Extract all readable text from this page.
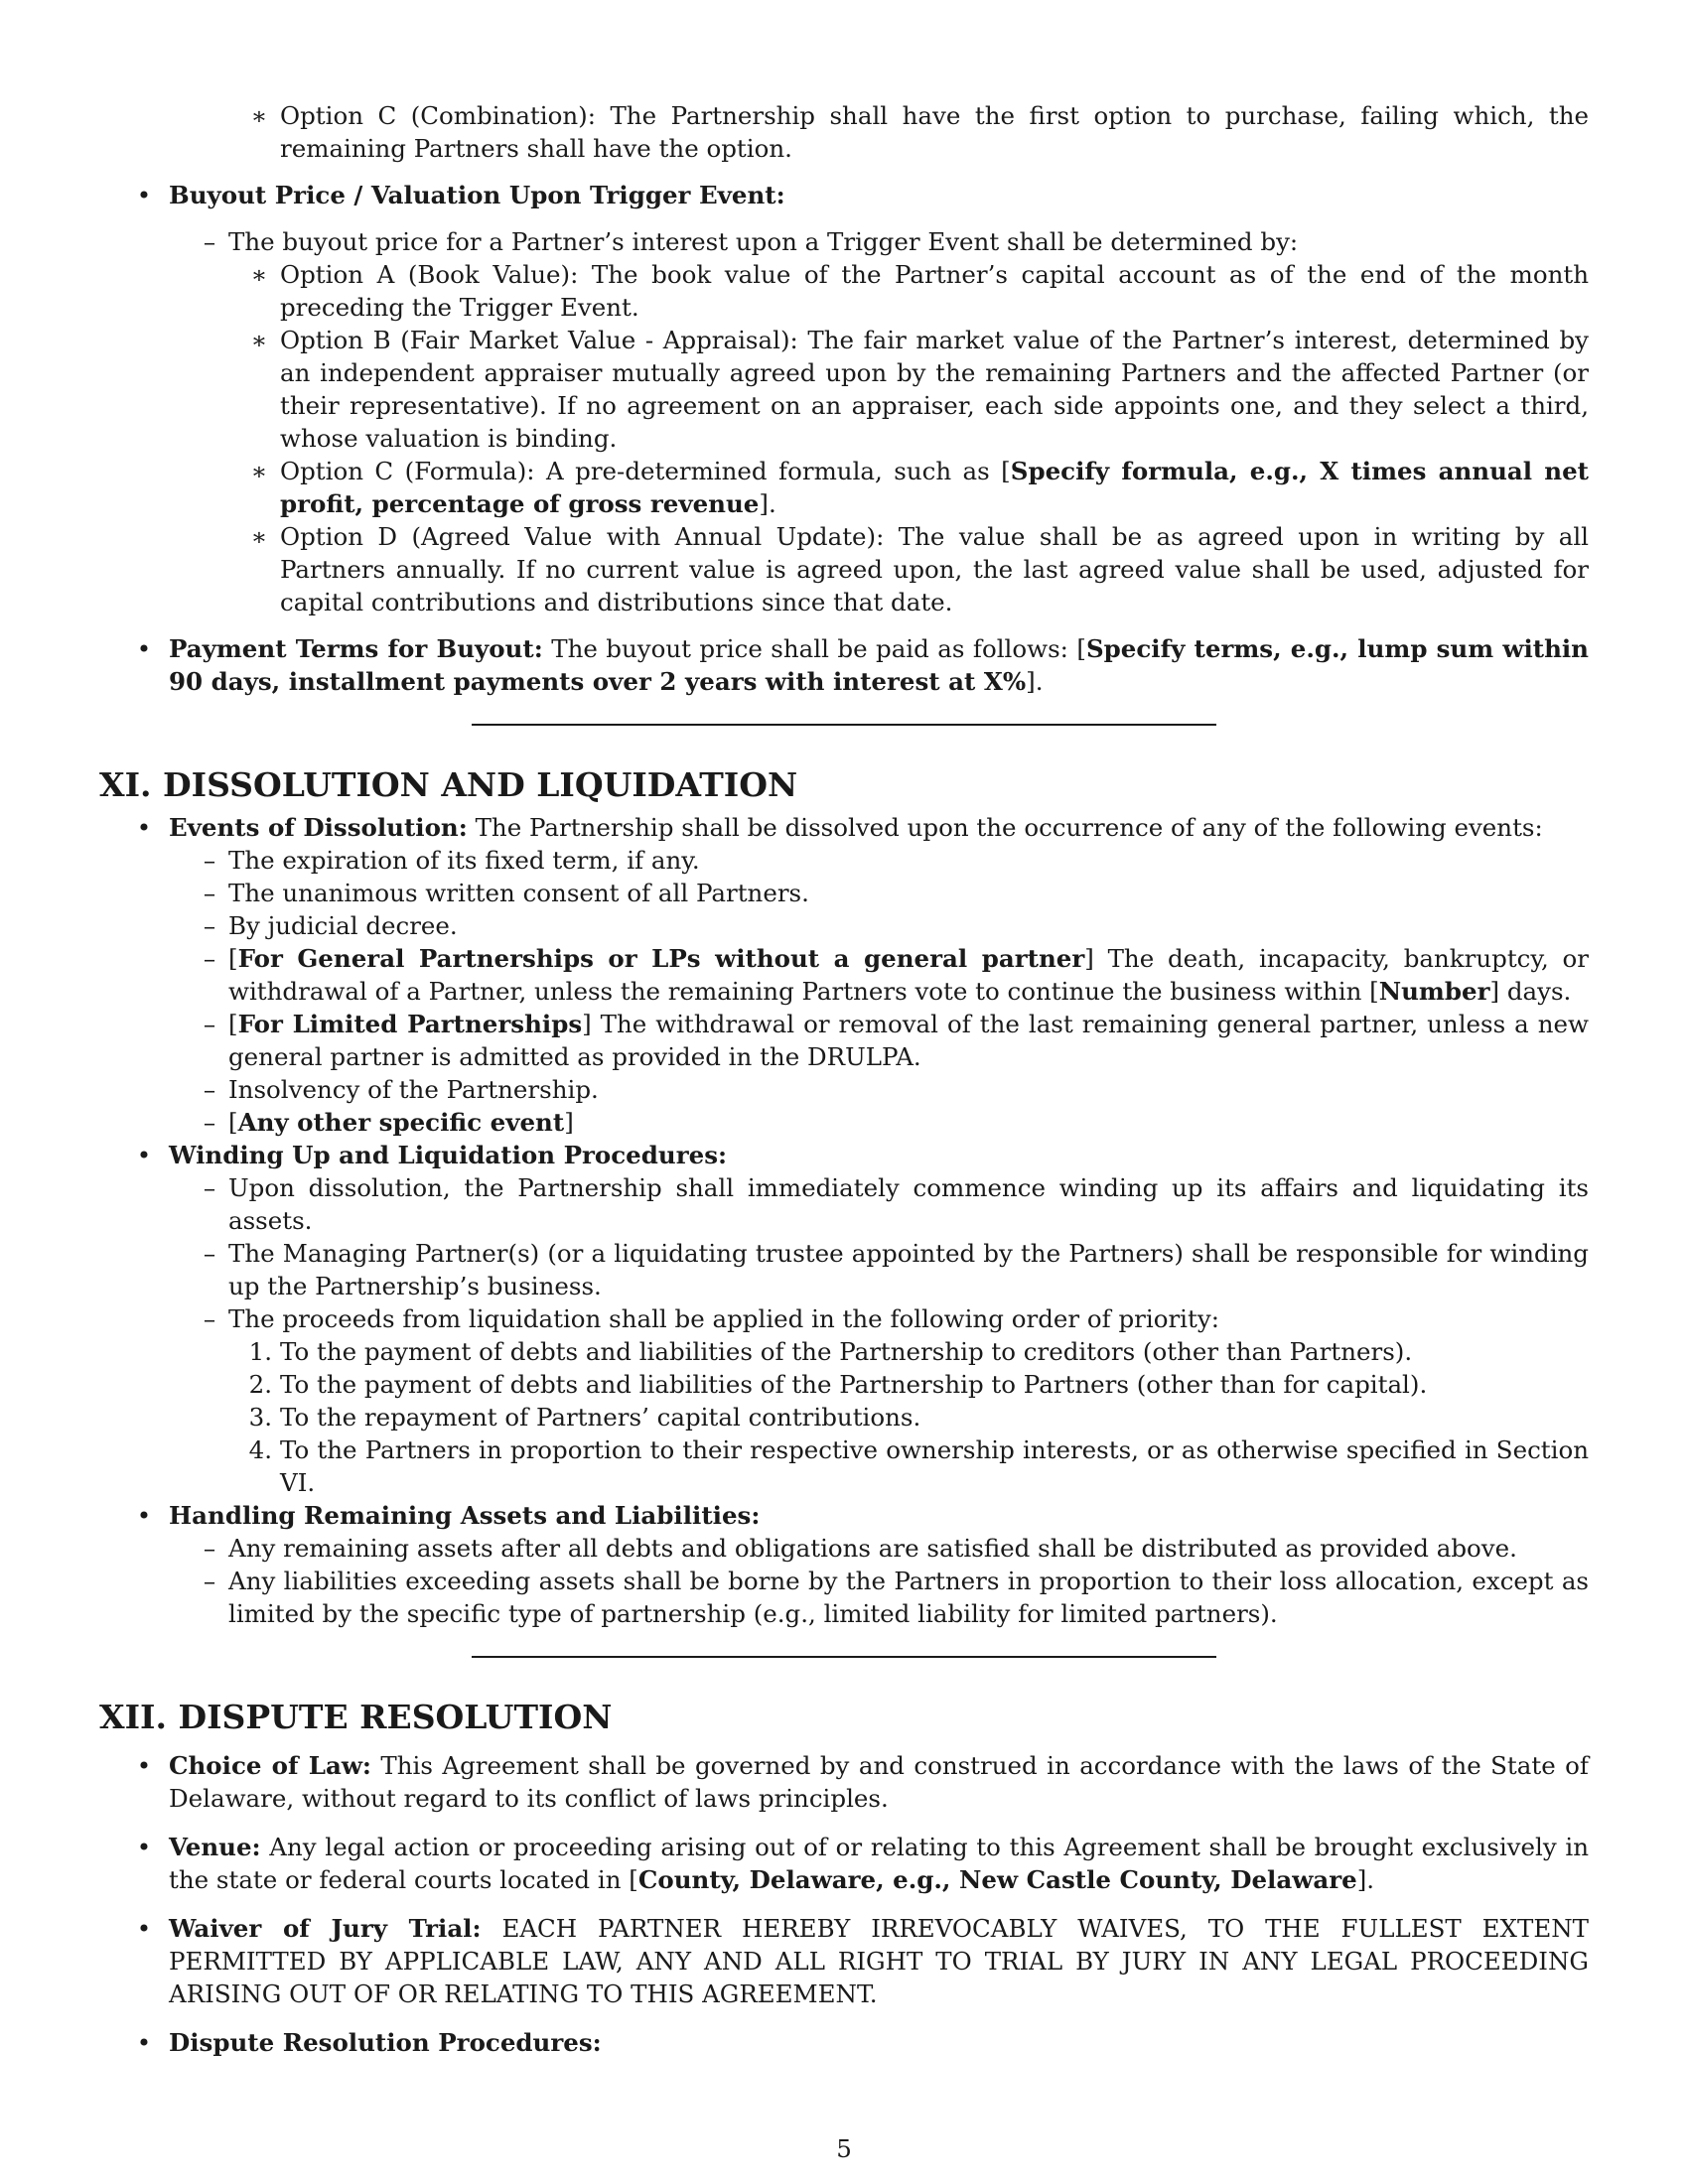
∗ Option C (Combination): The Partnership shall have the first option to purchase, failing which, the remaining Partners shall have the option.
• Buyout Price / Valuation Upon Trigger Event:
– The buyout price for a Partner’s interest upon a Trigger Event shall be determined by:
∗ Option A (Book Value): The book value of the Partner’s capital account as of the end of the month preceding the Trigger Event.
∗ Option B (Fair Market Value - Appraisal): The fair market value of the Partner’s interest, determined by an independent appraiser mutually agreed upon by the remaining Partners and the affected Partner (or their representative). If no agreement on an appraiser, each side appoints one, and they select a third, whose valuation is binding.
∗ Option C (Formula): A pre-determined formula, such as [Specify formula, e.g., X times annual net profit, percentage of gross revenue].
∗ Option D (Agreed Value with Annual Update): The value shall be as agreed upon in writing by all Partners annually. If no current value is agreed upon, the last agreed value shall be used, adjusted for capital contributions and distributions since that date.
• Payment Terms for Buyout: The buyout price shall be paid as follows: [Specify terms, e.g., lump sum within 90 days, installment payments over 2 years with interest at X%].
XI. DISSOLUTION AND LIQUIDATION
• Events of Dissolution: The Partnership shall be dissolved upon the occurrence of any of the following events:
– The expiration of its fixed term, if any.
– The unanimous written consent of all Partners.
– By judicial decree.
– [For General Partnerships or LPs without a general partner] The death, incapacity, bankruptcy, or withdrawal of a Partner, unless the remaining Partners vote to continue the business within [Number] days.
– [For Limited Partnerships] The withdrawal or removal of the last remaining general partner, unless a new general partner is admitted as provided in the DRULPA.
– Insolvency of the Partnership.
– [Any other specific event]
• Winding Up and Liquidation Procedures:
– Upon dissolution, the Partnership shall immediately commence winding up its affairs and liquidating its assets.
– The Managing Partner(s) (or a liquidating trustee appointed by the Partners) shall be responsible for winding up the Partnership’s business.
– The proceeds from liquidation shall be applied in the following order of priority:
1. To the payment of debts and liabilities of the Partnership to creditors (other than Partners).
2. To the payment of debts and liabilities of the Partnership to Partners (other than for capital).
3. To the repayment of Partners’ capital contributions.
4. To the Partners in proportion to their respective ownership interests, or as otherwise specified in Section VI.
• Handling Remaining Assets and Liabilities:
– Any remaining assets after all debts and obligations are satisfied shall be distributed as provided above.
– Any liabilities exceeding assets shall be borne by the Partners in proportion to their loss allocation, except as limited by the specific type of partnership (e.g., limited liability for limited partners).
XII. DISPUTE RESOLUTION
• Choice of Law: This Agreement shall be governed by and construed in accordance with the laws of the State of Delaware, without regard to its conflict of laws principles.
• Venue: Any legal action or proceeding arising out of or relating to this Agreement shall be brought exclusively in the state or federal courts located in [County, Delaware, e.g., New Castle County, Delaware].
• Waiver of Jury Trial: EACH PARTNER HEREBY IRREVOCABLY WAIVES, TO THE FULLEST EXTENT PERMITTED BY APPLICABLE LAW, ANY AND ALL RIGHT TO TRIAL BY JURY IN ANY LEGAL PROCEEDING ARISING OUT OF OR RELATING TO THIS AGREEMENT.
• Dispute Resolution Procedures:
5
